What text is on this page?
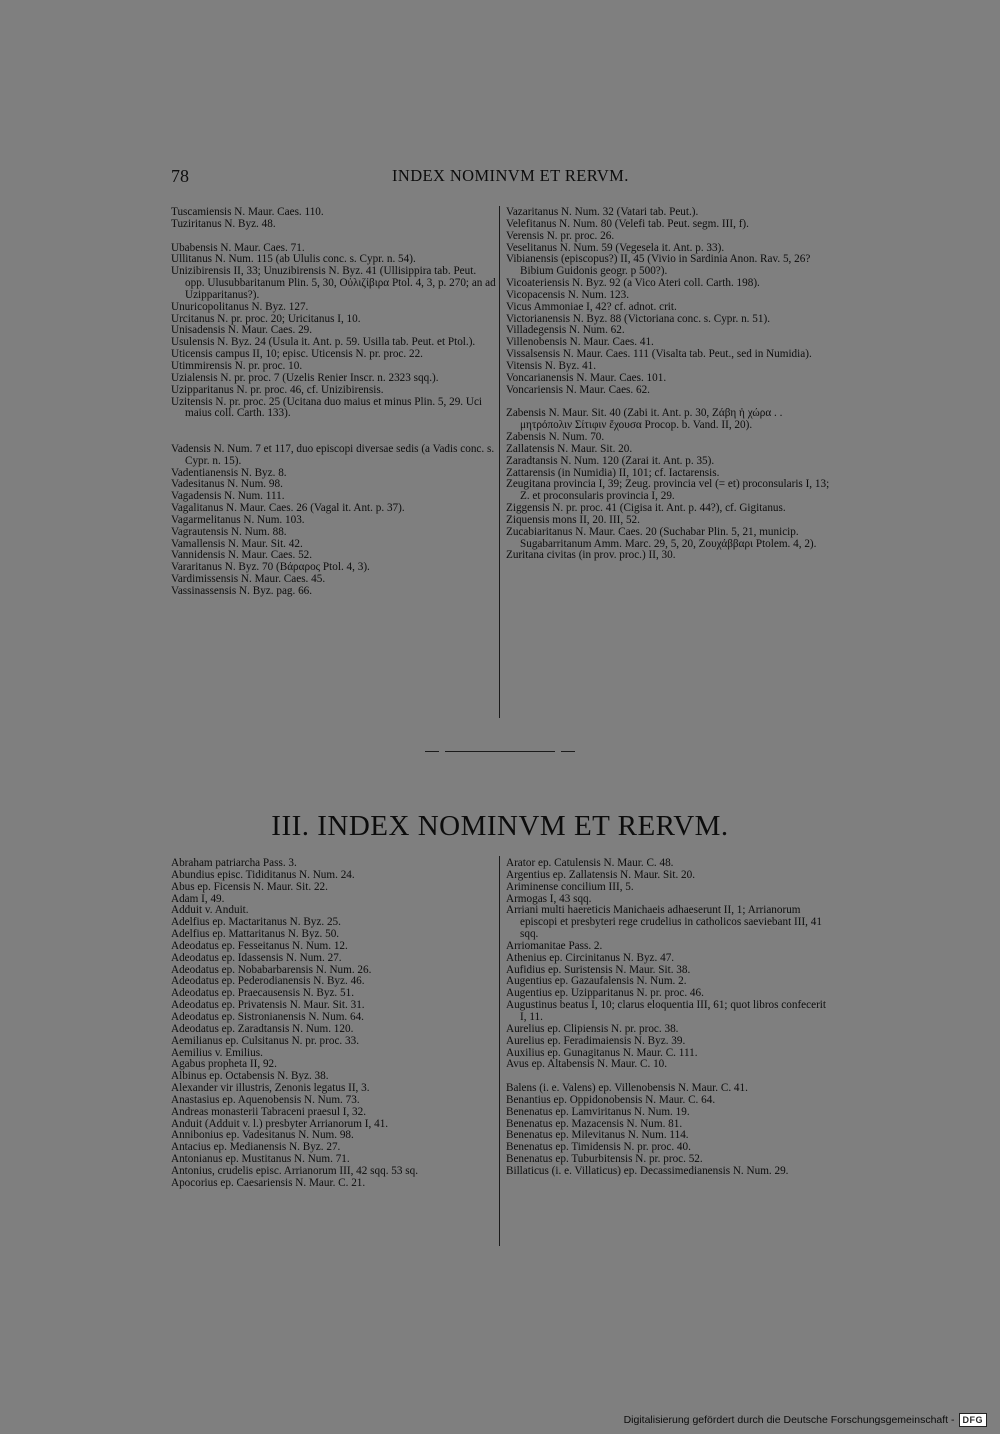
78	INDEX NOMINVM ET RERVM.
Tuscamiensis N. Maur. Caes. 110.
Tuziritanus N. Byz. 48.
Ubabensis N. Maur. Caes. 71.
Ullitanus N. Num. 115 (ab Ululis conc. s. Cypr. n. 54).
Unizibirensis II, 33; Unuzibirensis N. Byz. 41 (Ullisippira tab. Peut. opp. Ulusubbaritanum Plin. 5, 30, Οὐλιζίβιρα Ptol. 4, 3, p. 270; an ad Uzipparitanus?).
Unuricopolitanus N. Byz. 127.
Urcitanus N. pr. proc. 20; Uricitanus I, 10.
Unisadensis N. Maur. Caes. 29.
Usulensis N. Byz. 24 (Usula it. Ant. p. 59. Usilla tab. Peut. et Ptol.).
Uticensis campus II, 10; episc. Uticensis N. pr. proc. 22.
Utimmirensis N. pr. proc. 10.
Uzialensis N. pr. proc. 7 (Uzelis Renier Inscr. n. 2323 sqq.).
Uzipparitanus N. pr. proc. 46, cf. Unizibirensis.
Uzitensis N. pr. proc. 25 (Ucitana duo maius et minus Plin. 5, 29. Uci maius coll. Carth. 133).
Vadensis N. Num. 7 et 117, duo episcopi diversae sedis (a Vadis conc. s. Cypr. n. 15).
Vadentianensis N. Byz. 8.
Vadesitanus N. Num. 98.
Vagadensis N. Num. 111.
Vagalitanus N. Maur. Caes. 26 (Vagal it. Ant. p. 37).
Vagarmelitanus N. Num. 103.
Vagrautensis N. Num. 88.
Vamallensis N. Maur. Sit. 42.
Vannidensis N. Maur. Caes. 52.
Vararitanus N. Byz. 70 (Βάραρος Ptol. 4, 3).
Vardimissensis N. Maur. Caes. 45.
Vassinassensis N. Byz. pag. 66.
Vazaritanus N. Num. 32 (Vatari tab. Peut.).
Velefitanus N. Num. 80 (Velefi tab. Peut. segm. III, f).
Verensis N. pr. proc. 26.
Veselitanus N. Num. 59 (Vegesela it. Ant. p. 33).
Vibianensis (episcopus?) II, 45 (Vivio in Sardinia Anon. Rav. 5, 26? Bibium Guidonis geogr. p 500?).
Vicoateriensis N. Byz. 92 (a Vico Ateri coll. Carth. 198).
Vicopacensis N. Num. 123.
Vicus Ammoniae I, 42? cf. adnot. crit.
Victorianensis N. Byz. 88 (Victoriana conc. s. Cypr. n. 51).
Villadegensis N. Num. 62.
Villenobensis N. Maur. Caes. 41.
Vissalsensis N. Maur. Caes. 111 (Visalta tab. Peut., sed in Numidia).
Vitensis N. Byz. 41.
Voncarianensis N. Maur. Caes. 101.
Voncariensis N. Maur. Caes. 62.
Zabensis N. Maur. Sit. 40 (Zabi it. Ant. p. 30, Ζάβη ἡ χώρα . . μητρόπολιν Σίτιφιν ἔχουσα Procop. b. Vand. II, 20).
Zabensis N. Num. 70.
Zallatensis N. Maur. Sit. 20.
Zaradtansis N. Num. 120 (Zarai it. Ant. p. 35).
Zattarensis (in Numidia) II, 101; cf. Iactarensis.
Zeugitana provincia I, 39; Zeug. provincia vel (= et) proconsularis I, 13; Z. et proconsularis provincia I, 29.
Ziggensis N. pr. proc. 41 (Cigisa it. Ant. p. 44?), cf. Gigitanus.
Ziquensis mons II, 20. III, 52.
Zucabiaritanus N. Maur. Caes. 20 (Suchabar Plin. 5, 21, municip. Sugabarritanum Amm. Marc. 29, 5, 20, Ζουχάββαρι Ptolem. 4, 2).
Zuritana civitas (in prov. proc.) II, 30.
III. INDEX NOMINVM ET RERVM.
Abraham patriarcha Pass. 3.
Abundius episc. Tididitanus N. Num. 24.
Abus ep. Ficensis N. Maur. Sit. 22.
Adam I, 49.
Adduit v. Anduit.
Adelfius ep. Mactaritanus N. Byz. 25.
Adelfius ep. Mattaritanus N. Byz. 50.
Adeodatus ep. Fesseitanus N. Num. 12.
Adeodatus ep. Idassensis N. Num. 27.
Adeodatus ep. Nobabarbarensis N. Num. 26.
Adeodatus ep. Pederodianensis N. Byz. 46.
Adeodatus ep. Praecausensis N. Byz. 51.
Adeodatus ep. Privatensis N. Maur. Sit. 31.
Adeodatus ep. Sistronianensis N. Num. 64.
Adeodatus ep. Zaradtansis N. Num. 120.
Aemilianus ep. Culsitanus N. pr. proc. 33.
Aemilius v. Emilius.
Agabus propheta II, 92.
Albinus ep. Octabensis N. Byz. 38.
Alexander vir illustris, Zenonis legatus II, 3.
Anastasius ep. Aquenobensis N. Num. 73.
Andreas monasterii Tabraceni praesul I, 32.
Anduit (Adduit v. l.) presbyter Arrianorum I, 41.
Annibonius ep. Vadesitanus N. Num. 98.
Antacius ep. Medianensis N. Byz. 27.
Antonianus ep. Mustitanus N. Num. 71.
Antonius, crudelis episc. Arrianorum III, 42 sqq. 53 sq.
Apocorius ep. Caesariensis N. Maur. C. 21.
Arator ep. Catulensis N. Maur. C. 48.
Argentius ep. Zallatensis N. Maur. Sit. 20.
Ariminense concilium III, 5.
Armogas I, 43 sqq.
Arriani multi haereticis Manichaeis adhaeserunt II, 1; Arrianorum episcopi et presbyteri rege crudelius in catholicos saeviebant III, 41 sqq.
Arriomanitae Pass. 2.
Athenius ep. Circinitanus N. Byz. 47.
Aufidius ep. Suristensis N. Maur. Sit. 38.
Augentius ep. Gazaufalensis N. Num. 2.
Augentius ep. Uzipparitanus N. pr. proc. 46.
Augustinus beatus I, 10; clarus eloquentia III, 61; quot libros confecerit I, 11.
Aurelius ep. Clipiensis N. pr. proc. 38.
Aurelius ep. Feradimaiensis N. Byz. 39.
Auxilius ep. Gunagitanus N. Maur. C. 111.
Avus ep. Altabensis N. Maur. C. 10.
Balens (i. e. Valens) ep. Villenobensis N. Maur. C. 41.
Benantius ep. Oppidonobensis N. Maur. C. 64.
Benenatus ep. Lamviritanus N. Num. 19.
Benenatus ep. Mazacensis N. Num. 81.
Benenatus ep. Milevitanus N. Num. 114.
Benenatus ep. Timidensis N. pr. proc. 40.
Benenatus ep. Tuburbitensis N. pr. proc. 52.
Billaticus (i. e. Villaticus) ep. Decassimedianensis N. Num. 29.
Digitalisierung gefördert durch die Deutsche Forschungsgemeinschaft - DFG
